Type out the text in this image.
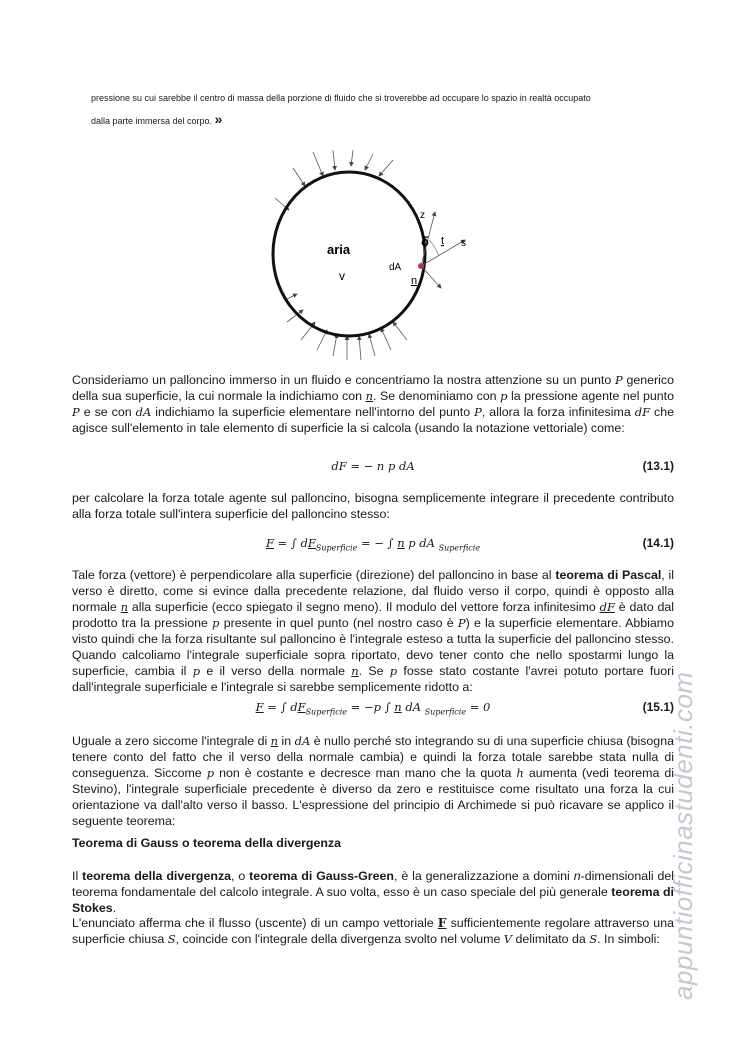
pressione su cui sarebbe il centro di massa della porzione di fluido che si troverebbe ad occupare lo spazio in realtà occupato
dalla parte immersa del corpo. »
aria
v
dA
n
z
δ t s
Consideriamo un palloncino immerso in un fluido e concentriamo la nostra attenzione su un punto P generico della sua superficie, la cui normale la indichiamo con n. Se denominiamo con p la pressione agente nel punto P e se con dA indichiamo la superficie elementare nell'intorno del punto P, allora la forza infinitesima dF che agisce sull'elemento in tale elemento di superficie la si calcola (usando la notazione vettoriale) come:
dF = − n p dA	(13.1)
per calcolare la forza totale agente sul palloncino, bisogna semplicemente integrare il precedente contributo alla forza totale sull'intera superficie del palloncino stesso:
F = ∫ $dF_{Superficie}$ = − ∫ n p dA $_{Superficie}$	(14.1)
Tale forza (vettore) è perpendicolare alla superficie (direzione) del palloncino in base al teorema di Pascal, il verso è diretto, come si evince dalla precedente relazione, dal fluido verso il corpo, quindi è opposto alla normale n alla superficie (ecco spiegato il segno meno). Il modulo del vettore forza infinitesimo dF è dato dal prodotto tra la pressione p presente in quel punto (nel nostro caso è P) e la superficie elementare. Abbiamo visto quindi che la forza risultante sul palloncino è l'integrale esteso a tutta la superficie del palloncino stesso. Quando calcoliamo l'integrale superficiale sopra riportato, devo tener conto che nello spostarmi lungo la superficie, cambia il p e il verso della normale n. Se p fosse stato costante l'avrei potuto portare fuori dall'integrale superficiale e l'integrale si sarebbe semplicemente ridotto a:
F = ∫ $dF_{Superficie} = -p$ ∫ n dA $_{Superficie}$ = 0	(15.1)
Uguale a zero siccome l'integrale di n in dA è nullo perché sto integrando su di una superficie chiusa (bisogna tenere conto del fatto che il verso della normale cambia) e quindi la forza totale sarebbe stata nulla di conseguenza. Siccome p non è costante e decresce man mano che la quota h aumenta (vedi teorema di Stevino), l'integrale superficiale precedente è diverso da zero e restituisce come risultato una forza la cui orientazione va dall'alto verso il basso. L'espressione del principio di Archimede si può ricavare se applico il seguente teorema:
Teorema di Gauss o teorema della divergenza
Il teorema della divergenza, o teorema di Gauss-Green, è la generalizzazione a domini n-dimensionali del teorema fondamentale del calcolo integrale. A suo volta, esso è un caso speciale del più generale teorema di Stokes.
L'enunciato afferma che il flusso (uscente) di un campo vettoriale F sufficientemente regolare attraverso una superficie chiusa S, coincide con l'integrale della divergenza svolto nel volume V delimitato da S. In simboli: appuntiofficinastudenti.com
